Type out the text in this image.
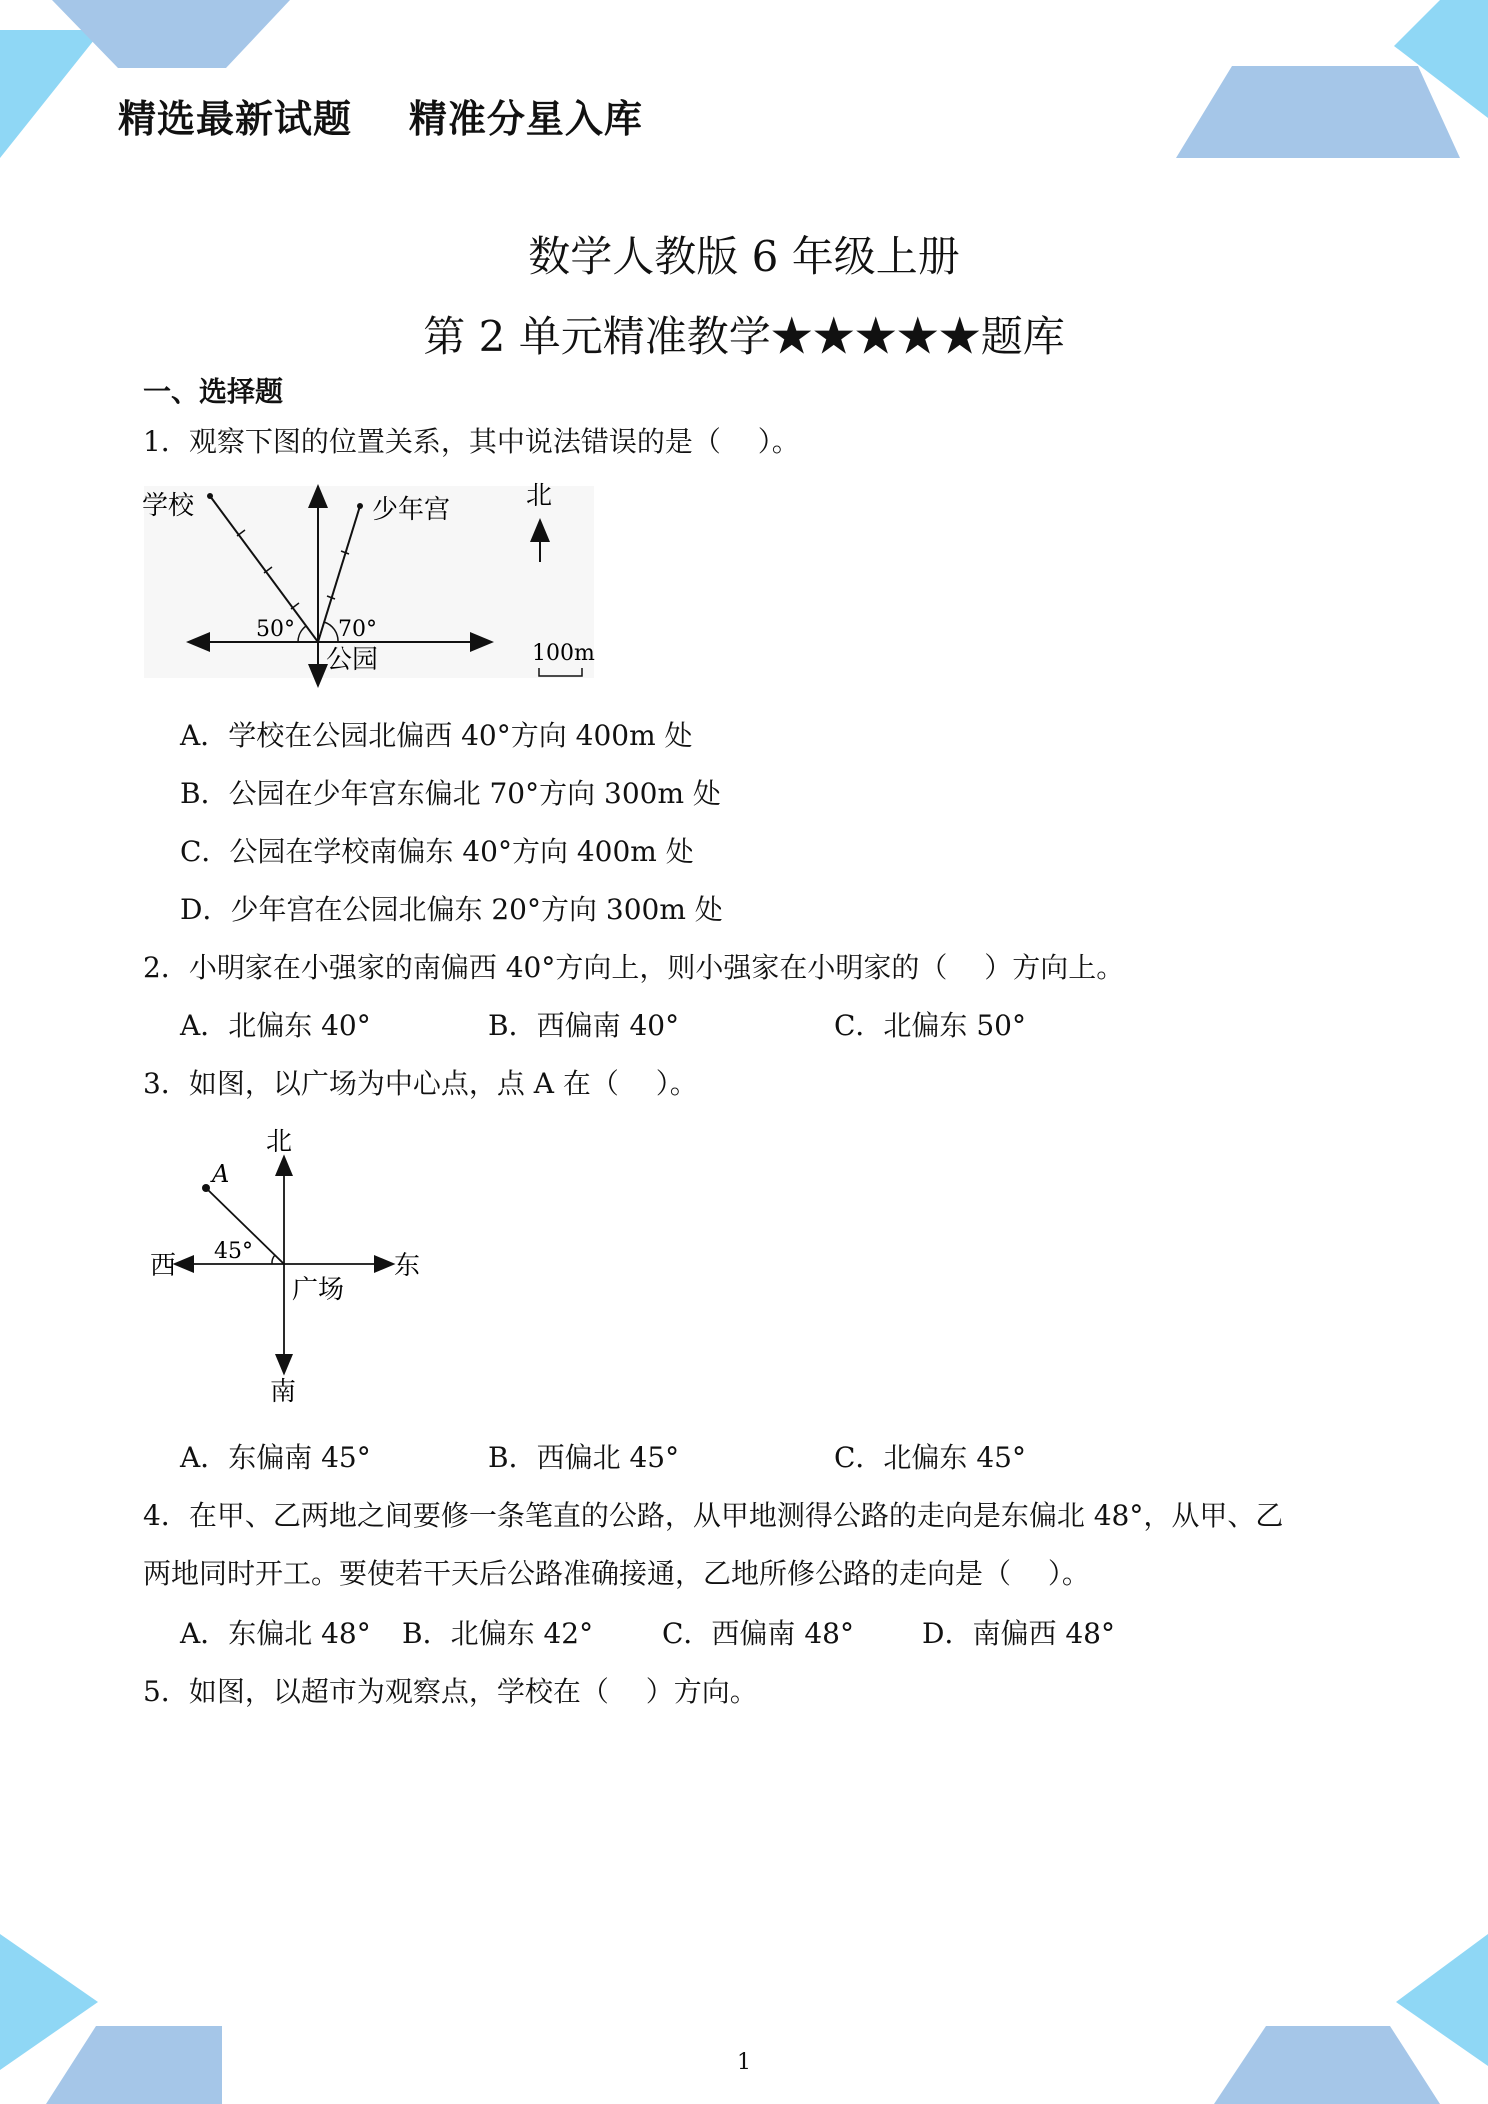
精选最新试题    精准分星入库
数学人教版 6 年级上册
第 2 单元精准教学★★★★★题库
一、选择题
1．观察下图的位置关系，其中说法错误的是（　 ）。
学校	少年宫
公园
北
50° 70°
100m
A．学校在公园北偏西 40°方向 400m 处
B．公园在少年宫东偏北 70°方向 300m 处
C．公园在学校南偏东 40°方向 400m 处
D．少年宫在公园北偏东 20°方向 300m 处
2．小明家在小强家的南偏西 40°方向上，则小强家在小明家的（　 ）方向上。
A．北偏东 40°	B．西偏南 40°	C．北偏东 50°
3．如图，以广场为中心点，点 A 在（　 ）。
北
南
东
西
A
45°
广场
A．东偏南 45°	B．西偏北 45°	C．北偏东 45°
4．在甲、乙两地之间要修一条笔直的公路，从甲地测得公路的走向是东偏北 48°，从甲、乙
两地同时开工。要使若干天后公路准确接通，乙地所修公路的走向是（　 ）。
A．东偏北 48° B．北偏东 42° C．西偏南 48° D．南偏西 48°
5．如图，以超市为观察点，学校在（　 ）方向。
1
